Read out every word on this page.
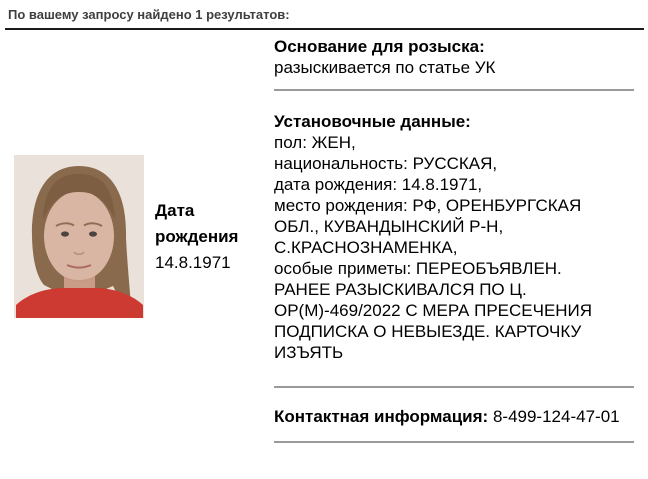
По вашему запросу найдено 1 результатов:
Дата рождения
14.8.1971
Основание для розыска:
разыскивается по статье УК
Установочные данные:
пол: ЖЕН,
национальность: РУССКАЯ,
дата рождения: 14.8.1971,
место рождения: РФ, ОРЕНБУРГСКАЯ
ОБЛ., КУВАНДЫНСКИЙ Р-Н,
С.КРАСНОЗНАМЕНКА,
особые приметы: ПЕРЕОБЪЯВЛЕН.
РАНЕЕ РАЗЫСКИВАЛСЯ ПО Ц.
ОР(М)-469/2022 С МЕРА ПРЕСЕЧЕНИЯ
ПОДПИСКА О НЕВЫЕЗДЕ. КАРТОЧКУ
ИЗЪЯТЬ
Контактная информация: 8-499-124-47-01
